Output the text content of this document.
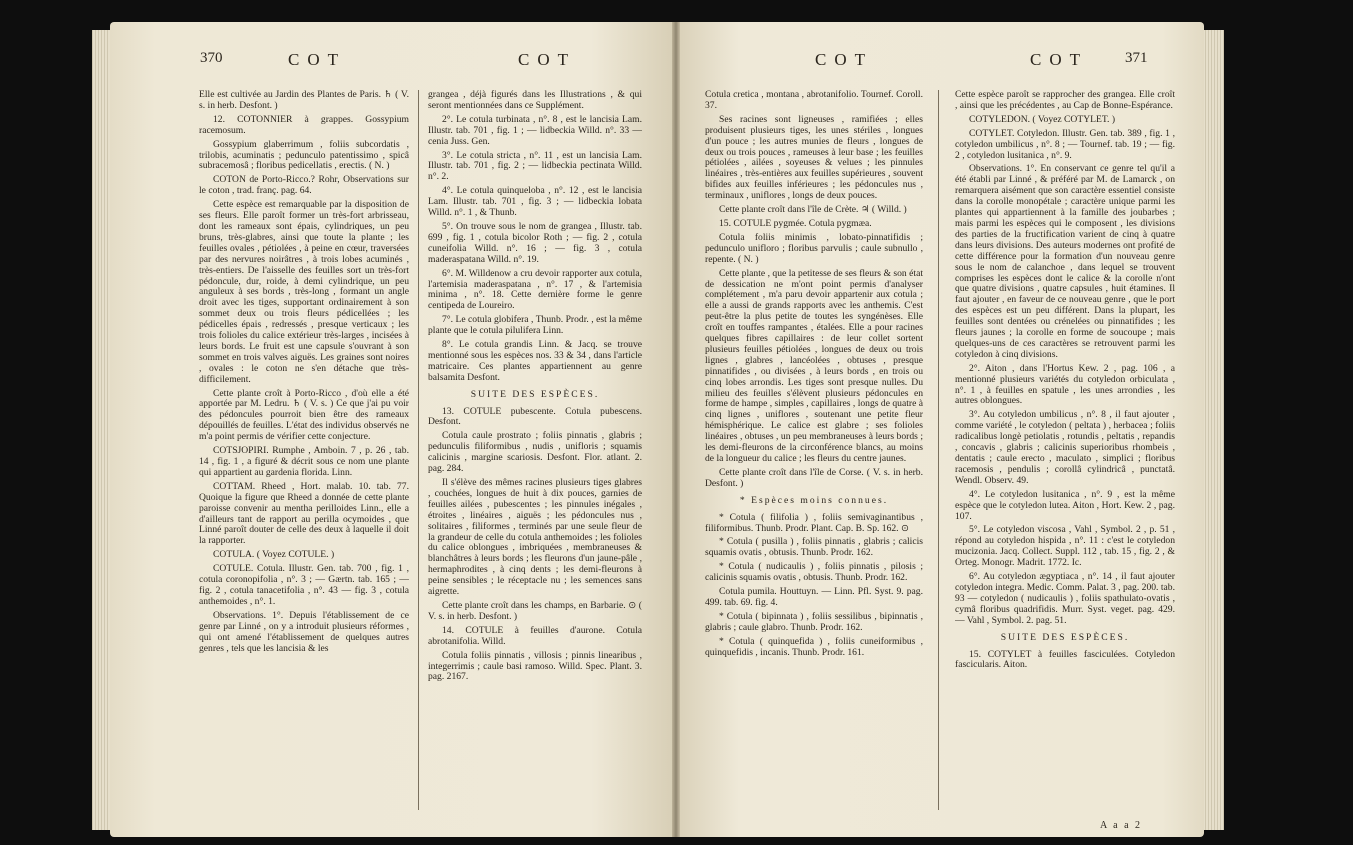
370	COT	COT	COT	COT 371

Elle est cultivée au Jardin des Plantes de Paris. ♄ ( V. s. in herb. Desfont. )

12. COTONNIER à grappes. Gossypium racemosum.

Gossypium glaberrimum , foliis subcordatis , trilobis, acuminatis ; pedunculo patentissimo , spicâ subracemosâ ; floribus pedicellatis , erectis. ( N. )

COTON de Porto-Ricco.? Rohr, Observations sur le coton , trad. franç. pag. 64.

Cette espèce est remarquable par la disposition de ses fleurs. Elle paroît former un très-fort arbrisseau, dont les rameaux sont épais, cylindriques, un peu bruns, très-glabres, ainsi que toute la plante ; les feuilles ovales , pétiolées , à peine en cœur, traversées par des nervures noirâtres , à trois lobes acuminés , très-entiers. De l'aisselle des feuilles sort un très-fort pédoncule, dur, roide, à demi cylindrique, un peu anguleux à ses bords , très-long , formant un angle droit avec les tiges, supportant ordinairement à son sommet deux ou trois fleurs pédicellées ; les pédicelles épais , redressés , presque verticaux ; les trois folioles du calice extérieur très-larges , incisées à leurs bords. Le fruit est une capsule s'ouvrant à son sommet en trois valves aiguës. Les graines sont noires , ovales : le coton ne s'en détache que très-difficilement.

Cette plante croît à Porto-Ricco , d'où elle a été apportée par M. Ledru. ♄ ( V. s. ) Ce que j'ai pu voir des pédoncules pourroit bien être des rameaux dépouillés de feuilles. L'état des individus observés ne m'a point permis de vérifier cette conjecture.

COTSJOPIRI. Rumphe , Amboin. 7 , p. 26 , tab. 14 , fig. 1 , a figuré & décrit sous ce nom une plante qui appartient au gardenia florida. Linn.

COTTAM. Rheed , Hort. malab. 10. tab. 77. Quoique la figure que Rheed a donnée de cette plante paroisse convenir au mentha perilloides Linn., elle a d'ailleurs tant de rapport au perilla ocymoides , que Linné paroît douter de celle des deux à laquelle il doit la rapporter.

COTULA. ( Voyez COTULE. )

COTULE. Cotula. Illustr. Gen. tab. 700 , fig. 1 , cotula coronopifolia , n°. 3 ; — Gærtn. tab. 165 ; — fig. 2 , cotula tanacetifolia , n°. 43 — fig. 3 , cotula anthemoides , n°. 1.

Observations. 1°. Depuis l'établissement de ce genre par Linné , on y a introduit plusieurs réformes , qui ont amené l'établissement de quelques autres genres , tels que les lancisia & les

grangea , déjà figurés dans les Illustrations , & qui seront mentionnées dans ce Supplément.

2°. Le cotula turbinata , n°. 8 , est le lancisia Lam. Illustr. tab. 701 , fig. 1 ; — lidbeckia Willd. n°. 33 — cenia Juss. Gen.

3°. Le cotula stricta , n°. 11 , est un lancisia Lam. Illustr. tab. 701 , fig. 2 ; — lidbeckia pectinata Willd. n°. 2.

4°. Le cotula quinqueloba , n°. 12 , est le lancisia Lam. Illustr. tab. 701 , fig. 3 ; — lidbeckia lobata Willd. n°. 1 , & Thunb.

5°. On trouve sous le nom de grangea , Illustr. tab. 699 , fig. 1 , cotula bicolor Roth ; — fig. 2 , cotula cuneifolia Willd. n°. 16 ; — fig. 3 , cotula maderaspatana Willd. n°. 19.

6°. M. Willdenow a cru devoir rapporter aux cotula, l'artemisia maderaspatana , n°. 17 , & l'artemisia minima , n°. 18. Cette dernière forme le genre centipeda de Loureiro.

7°. Le cotula globifera , Thunb. Prodr. , est la même plante que le cotula pilulifera Linn.

8°. Le cotula grandis Linn. & Jacq. se trouve mentionné sous les espèces nos. 33 & 34 , dans l'article matricaire. Ces plantes appartiennent au genre balsamita Desfont.

SUITE DES ESPÈCES.

13. COTULE pubescente. Cotula pubescens. Desfont.

Cotula caule prostrato ; foliis pinnatis , glabris ; pedunculis filiformibus , nudis , unifloris ; squamis calicinis , margine scariosis. Desfont. Flor. atlant. 2. pag. 284.

Il s'élève des mêmes racines plusieurs tiges glabres , couchées, longues de huit à dix pouces, garnies de feuilles ailées , pubescentes ; les pinnules inégales , étroites , linéaires , aiguës ; les pédoncules nus , solitaires , filiformes , terminés par une seule fleur de la grandeur de celle du cotula anthemoides ; les folioles du calice oblongues , imbriquées , membraneuses & blanchâtres à leurs bords ; les fleurons d'un jaune-pâle , hermaphrodites , à cinq dents ; les demi-fleurons à peine sensibles ; le réceptacle nu ; les semences sans aigrette.

Cette plante croît dans les champs, en Barbarie. ⊙ ( V. s. in herb. Desfont. )

14. COTULE à feuilles d'aurone. Cotula abrotanifolia. Willd.

Cotula foliis pinnatis , villosis ; pinnis linearibus , integerrimis ; caule basi ramoso. Willd. Spec. Plant. 3. pag. 2167.

Cotula cretica , montana , abrotanifolio. Tournef. Coroll. 37.

Ses racines sont ligneuses , ramifiées ; elles produisent plusieurs tiges, les unes stériles , longues d'un pouce ; les autres munies de fleurs , longues de deux ou trois pouces , rameuses à leur base ; les feuilles pétiolées , ailées , soyeuses & velues ; les pinnules linéaires , très-entières aux feuilles supérieures , souvent bifides aux feuilles inférieures ; les pédoncules nus , terminaux , uniflores , longs de deux pouces.

Cette plante croît dans l'île de Crète. ♃ ( Willd. )

15. COTULE pygmée. Cotula pygmæa.

Cotula foliis minimis , lobato-pinnatifidis ; pedunculo unifloro ; floribus parvulis ; caule subnullo , repente. ( N. )

Cette plante , que la petitesse de ses fleurs & son état de dessication ne m'ont point permis d'analyser complétement , m'a paru devoir appartenir aux cotula ; elle a aussi de grands rapports avec les anthemis. C'est peut-être la plus petite de toutes les syngénèses. Elle croît en touffes rampantes , étalées. Elle a pour racines quelques fibres capillaires : de leur collet sortent plusieurs feuilles pétiolées , longues de deux ou trois lignes , glabres , lancéolées , obtuses , presque pinnatifides , ou divisées , à leurs bords , en trois ou cinq lobes arrondis. Les tiges sont presque nulles. Du milieu des feuilles s'élèvent plusieurs pédoncules en forme de hampe , simples , capillaires , longs de quatre à cinq lignes , uniflores , soutenant une petite fleur hémisphérique. Le calice est glabre ; ses folioles linéaires , obtuses , un peu membraneuses à leurs bords ; les demi-fleurons de la circonférence blancs, au moins de la longueur du calice ; les fleurs du centre jaunes.

Cette plante croît dans l'île de Corse. ( V. s. in herb. Desfont. )

* Espèces moins connues.

* Cotula ( filifolia ) , foliis semivaginantibus , filiformibus. Thunb. Prodr. Plant. Cap. B. Sp. 162. ⊙

* Cotula ( pusilla ) , foliis pinnatis , glabris ; calicis squamis ovatis , obtusis. Thunb. Prodr. 162.

* Cotula ( nudicaulis ) , foliis pinnatis , pilosis ; calicinis squamis ovatis , obtusis. Thunb. Prodr. 162.

Cotula pumila. Houttuyn. — Linn. Pfl. Syst. 9. pag. 499. tab. 69. fig. 4.

* Cotula ( bipinnata ) , foliis sessilibus , bipinnatis , glabris ; caule glabro. Thunb. Prodr. 162.

* Cotula ( quinquefida ) , foliis cuneiformibus , quinquefidis , incanis. Thunb. Prodr. 161.

Cette espèce paroît se rapprocher des grangea. Elle croît , ainsi que les précédentes , au Cap de Bonne-Espérance.

COTYLEDON. ( Voyez COTYLET. )

COTYLET. Cotyledon. Illustr. Gen. tab. 389 , fig. 1 , cotyledon umbilicus , n°. 8 ; — Tournef. tab. 19 ; — fig. 2 , cotyledon lusitanica , n°. 9.

Observations. 1°. En conservant ce genre tel qu'il a été établi par Linné , & préféré par M. de Lamarck , on remarquera aisément que son caractère essentiel consiste dans la corolle monopétale ; caractère unique parmi les plantes qui appartiennent à la famille des joubarbes ; mais parmi les espèces qui le composent , les divisions des parties de la fructification varient de cinq à quatre dans leurs divisions. Des auteurs modernes ont profité de cette différence pour la formation d'un nouveau genre sous le nom de calanchoe , dans lequel se trouvent comprises les espèces dont le calice & la corolle n'ont que quatre divisions , quatre capsules , huit étamines. Il faut ajouter , en faveur de ce nouveau genre , que le port des espèces est un peu différent. Dans la plupart, les feuilles sont dentées ou crénelées ou pinnatifides ; les fleurs jaunes ; la corolle en forme de soucoupe ; mais quelques-uns de ces caractères se retrouvent parmi les cotyledon à cinq divisions.

2°. Aiton , dans l'Hortus Kew. 2 , pag. 106 , a mentionné plusieurs variétés du cotyledon orbiculata , n°. 1 , à feuilles en spatule , les unes arrondies , les autres oblongues.

3°. Au cotyledon umbilicus , n°. 8 , il faut ajouter , comme variété , le cotyledon ( peltata ) , herbacea ; foliis radicalibus longè petiolatis , rotundis , peltatis , repandis , concavis , glabris ; calicinis superioribus rhombeis , dentatis ; caule erecto , maculato , simplici ; floribus racemosis , pendulis ; corollâ cylindricâ , punctatâ. Wendl. Observ. 49.

4°. Le cotyledon lusitanica , n°. 9 , est la même espèce que le cotyledon lutea. Aiton , Hort. Kew. 2 , pag. 107.

5°. Le cotyledon viscosa , Vahl , Symbol. 2 , p. 51 , répond au cotyledon hispida , n°. 11 : c'est le cotyledon mucizonia. Jacq. Collect. Suppl. 112 , tab. 15 , fig. 2 , & Orteg. Monogr. Madrit. 1772. Ic.

6°. Au cotyledon ægyptiaca , n°. 14 , il faut ajouter cotyledon integra. Medic. Comm. Palat. 3 , pag. 200. tab. 93 — cotyledon ( nudicaulis ) , foliis spathulato-ovatis , cymâ floribus quadrifidis. Murr. Syst. veget. pag. 429. — Vahl , Symbol. 2. pag. 51.

SUITE DES ESPÈCES.

15. COTYLET à feuilles fasciculées. Cotyledon fascicularis. Aiton.

A a a 2
